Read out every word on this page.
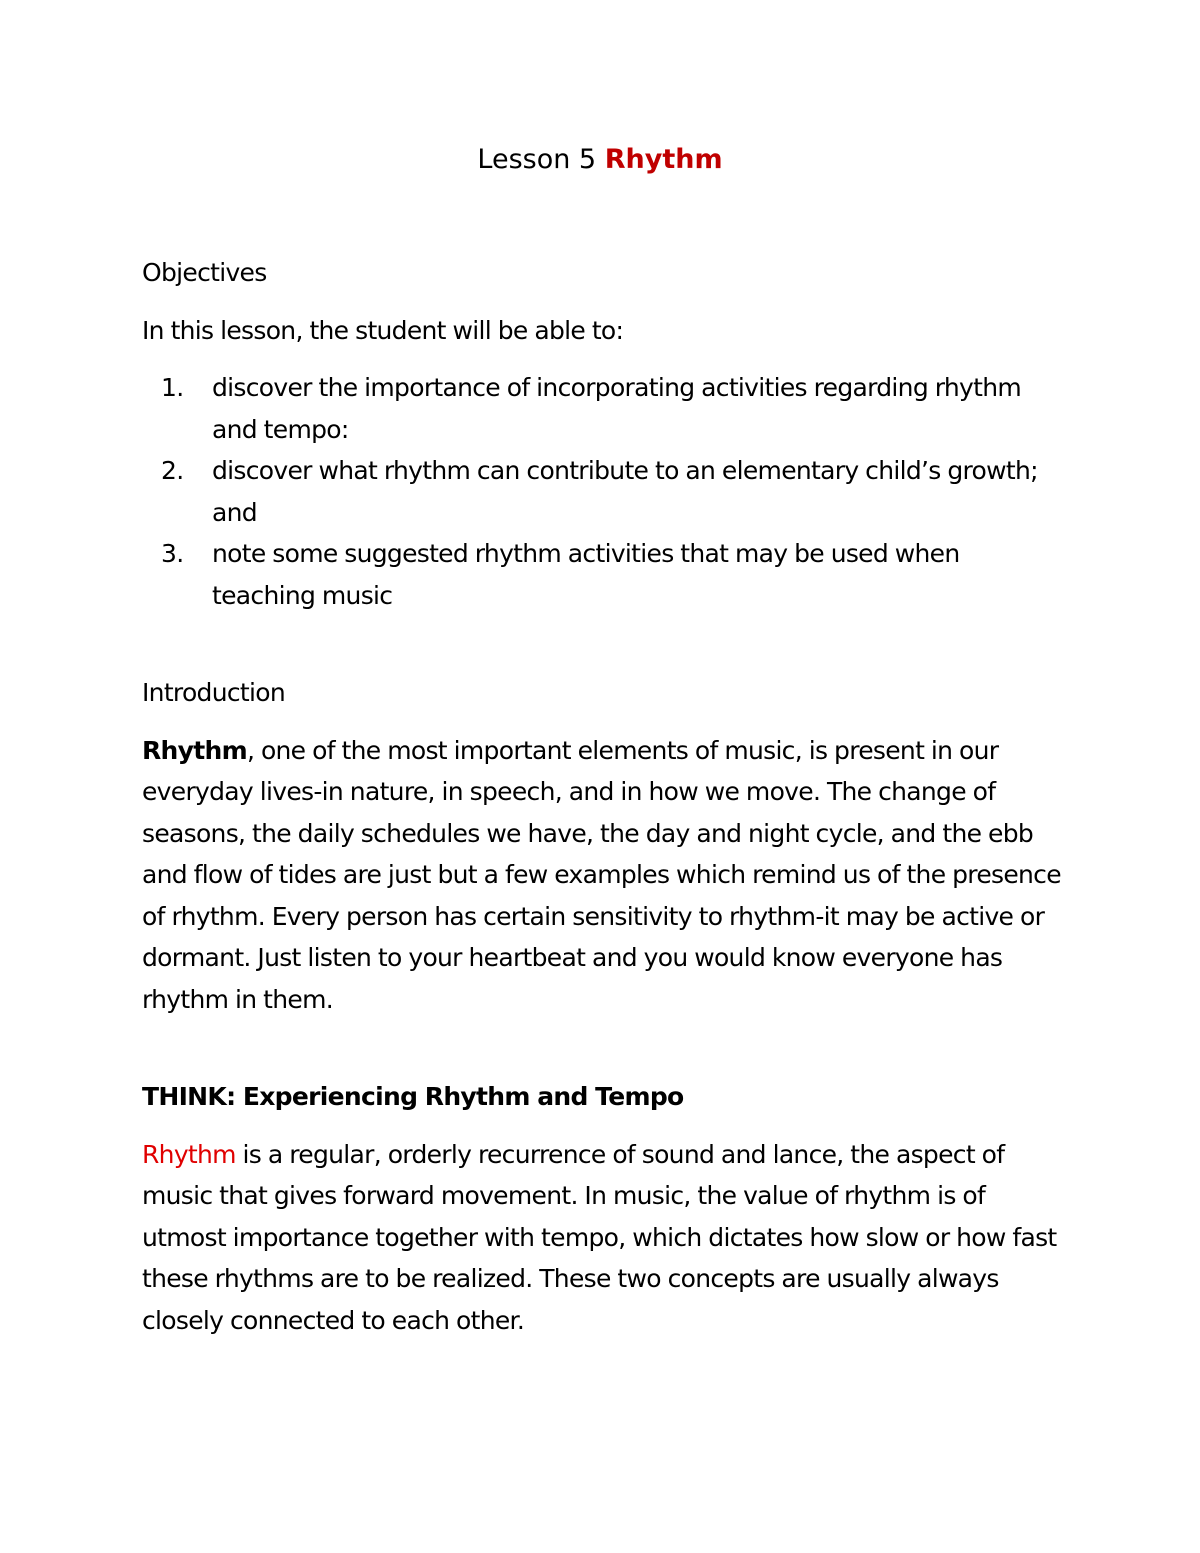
Lesson 5 Rhythm

Objectives

In this lesson, the student will be able to:

1. discover the importance of incorporating activities regarding rhythm and tempo:
2. discover what rhythm can contribute to an elementary child’s growth; and
3. note some suggested rhythm activities that may be used when teaching music

Introduction

Rhythm, one of the most important elements of music, is present in our everyday lives-in nature, in speech, and in how we move. The change of seasons, the daily schedules we have, the day and night cycle, and the ebb and flow of tides are just but a few examples which remind us of the presence of rhythm. Every person has certain sensitivity to rhythm-it may be active or dormant. Just listen to your heartbeat and you would know everyone has rhythm in them.

THINK: Experiencing Rhythm and Tempo

Rhythm is a regular, orderly recurrence of sound and lance, the aspect of music that gives forward movement. In music, the value of rhythm is of utmost importance together with tempo, which dictates how slow or how fast these rhythms are to be realized. These two concepts are usually always closely connected to each other.
